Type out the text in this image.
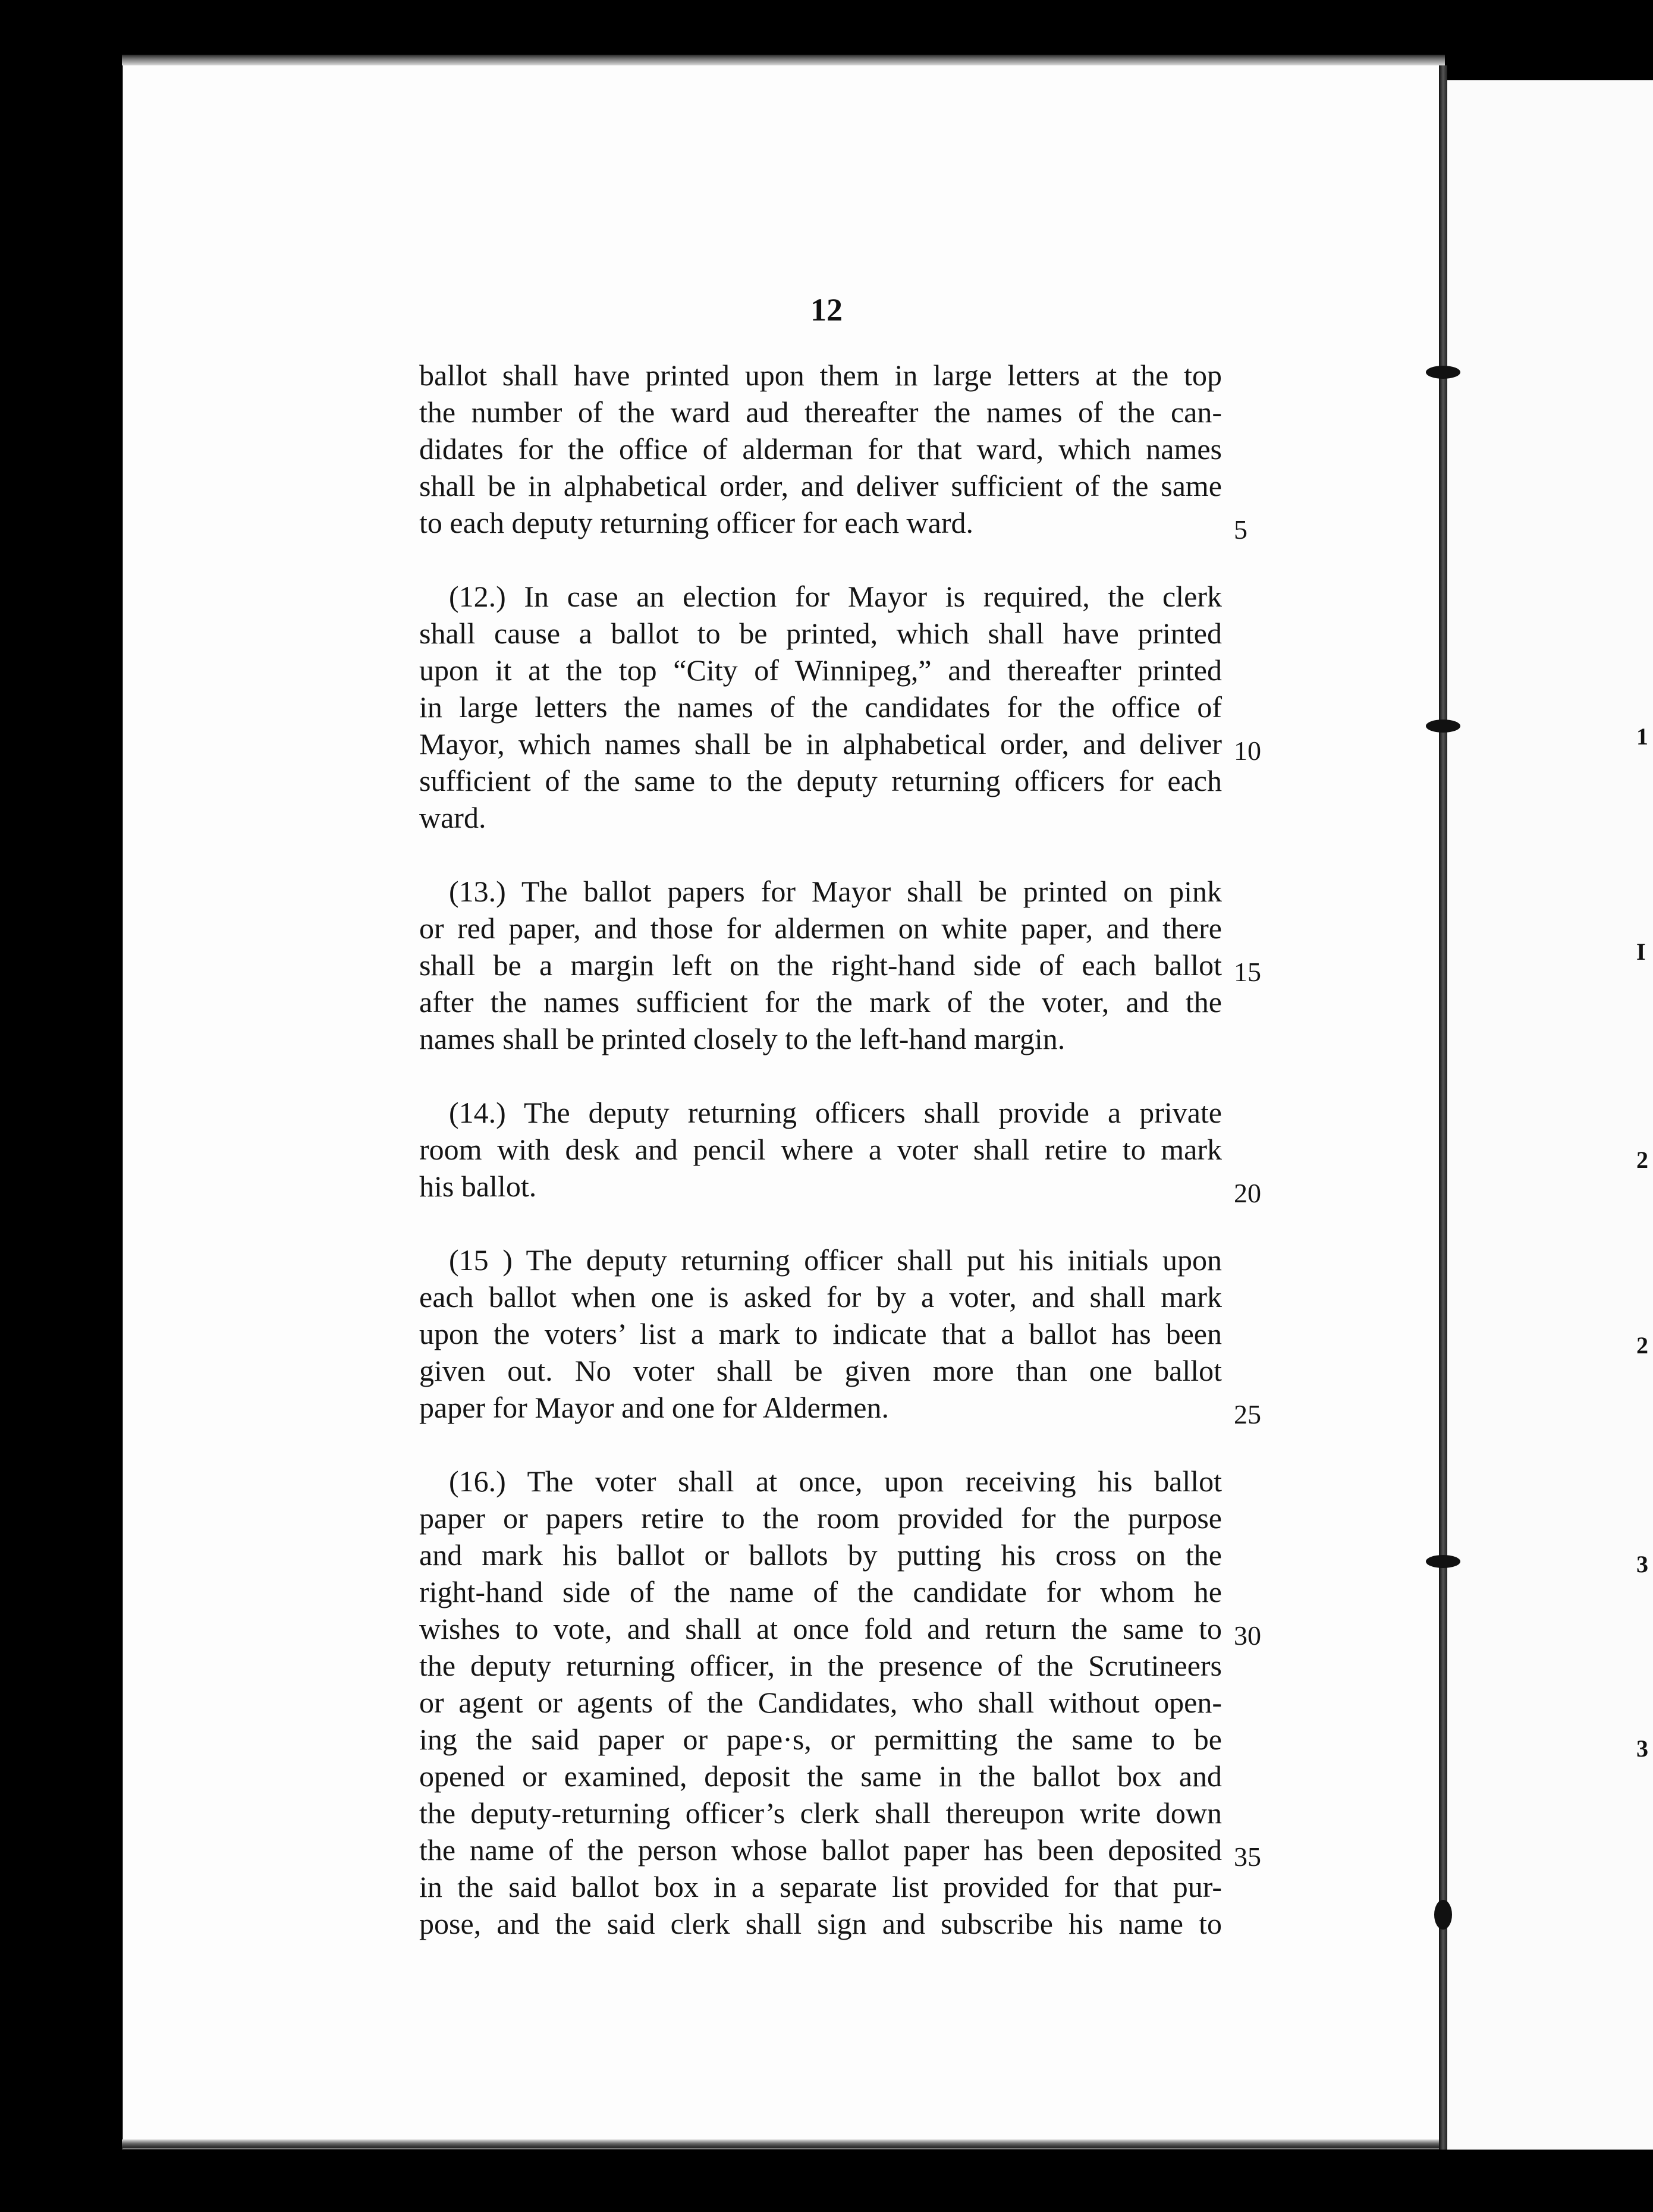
12
ballot shall have printed upon them in large letters at the top
the number of the ward aud thereafter the names of the can-
didates for the office of alderman for that ward, which names
shall be in alphabetical order, and deliver sufficient of the same
to each deputy returning officer for each ward.
(12.) In case an election for Mayor is required, the clerk
shall cause a ballot to be printed, which shall have printed
upon it at the top “City of Winnipeg,” and thereafter printed
in large letters the names of the candidates for the office of
Mayor, which names shall be in alphabetical order, and deliver
sufficient of the same to the deputy returning officers for each
ward.
(13.) The ballot papers for Mayor shall be printed on pink
or red paper, and those for aldermen on white paper, and there
shall be a margin left on the right-hand side of each ballot
after the names sufficient for the mark of the voter, and the
names shall be printed closely to the left-hand margin.
(14.) The deputy returning officers shall provide a private
room with desk and pencil where a voter shall retire to mark
his ballot.
(15 ) The deputy returning officer shall put his initials upon
each ballot when one is asked for by a voter, and shall mark
upon the voters’ list a mark to indicate that a ballot has been
given out. No voter shall be given more than one ballot
paper for Mayor and one for Aldermen.
(16.) The voter shall at once, upon receiving his ballot
paper or papers retire to the room provided for the purpose
and mark his ballot or ballots by putting his cross on the
right-hand side of the name of the candidate for whom he
wishes to vote, and shall at once fold and return the same to
the deputy returning officer, in the presence of the Scrutineers
or agent or agents of the Candidates, who shall without open-
ing the said paper or pape·s, or permitting the same to be
opened or examined, deposit the same in the ballot box and
the deputy-returning officer’s clerk shall thereupon write down
the name of the person whose ballot paper has been deposited
in the said ballot box in a separate list provided for that pur-
pose, and the said clerk shall sign and subscribe his name to
5
10
15
20
25
30
35
1
I
2
2
3
3
